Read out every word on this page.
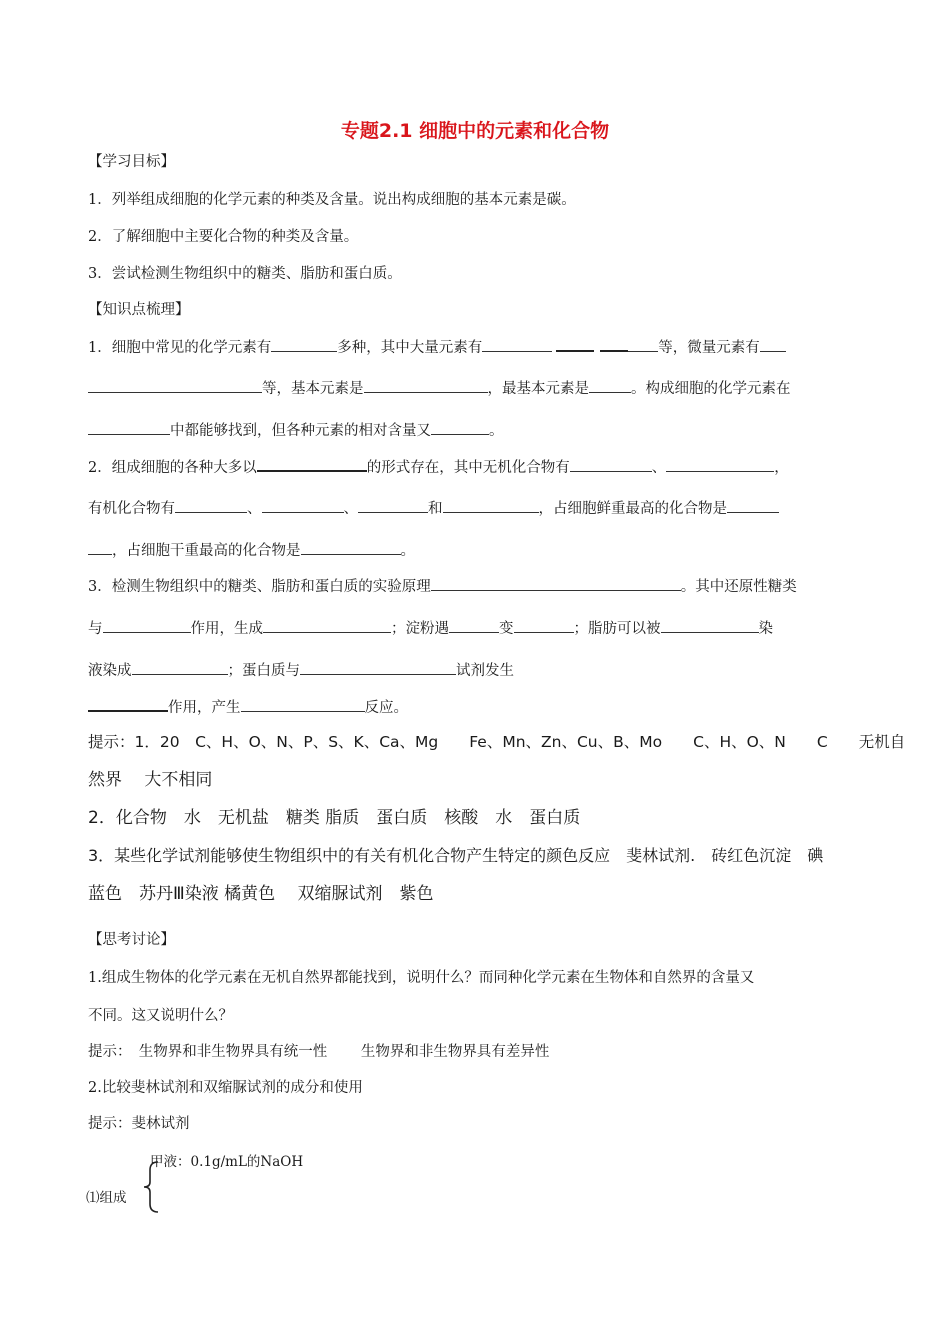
专题2.1 细胞中的元素和化合物
【学习目标】
1．列举组成细胞的化学元素的种类及含量。说出构成细胞的基本元素是碳。
2．了解细胞中主要化合物的种类及含量。
3．尝试检测生物组织中的糖类、脂肪和蛋白质。
【知识点梳理】
1．细胞中常见的化学元素有	多种，其中大量元素有	等，微量元素有
等，基本元素是	，最基本元素是	。构成细胞的化学元素在
中都能够找到，但各种元素的相对含量又	。
2．组成细胞的各种大多以	的形式存在，其中无机化合物有	、	，
有机化合物有	、	、	和	，占细胞鲜重最高的化合物是
，占细胞干重最高的化合物是	。
3．检测生物组织中的糖类、脂肪和蛋白质的实验原理	。其中还原性糖类
与	作用，生成	；淀粉遇	变	；脂肪可以被	染
液染成	；蛋白质与	试剂发生
作用，产生	反应。
提示：1．20　C、H、O、N、P、S、K、Ca、Mg　　Fe、Mn、Zn、Cu、B、Mo　　C、H、O、N　　C　　无机自
然界　 大不相同
2．化合物　水　无机盐　糖类 脂质　蛋白质　核酸　水　蛋白质
3．某些化学试剂能够使生物组织中的有关有机化合物产生特定的颜色反应　斐林试剂.　砖红色沉淀　碘
蓝色　苏丹Ⅲ染液 橘黄色　 双缩脲试剂　紫色
【思考讨论】
1.组成生物体的化学元素在无机自然界都能找到，说明什么？而同种化学元素在生物体和自然界的含量又
不同。这又说明什么？
提示：　生物界和非生物界具有统一性　　 生物界和非生物界具有差异性
2.比较斐林试剂和双缩脲试剂的成分和使用
提示：斐林试剂
甲液：0.1g/mL的NaOH
⑴组成
